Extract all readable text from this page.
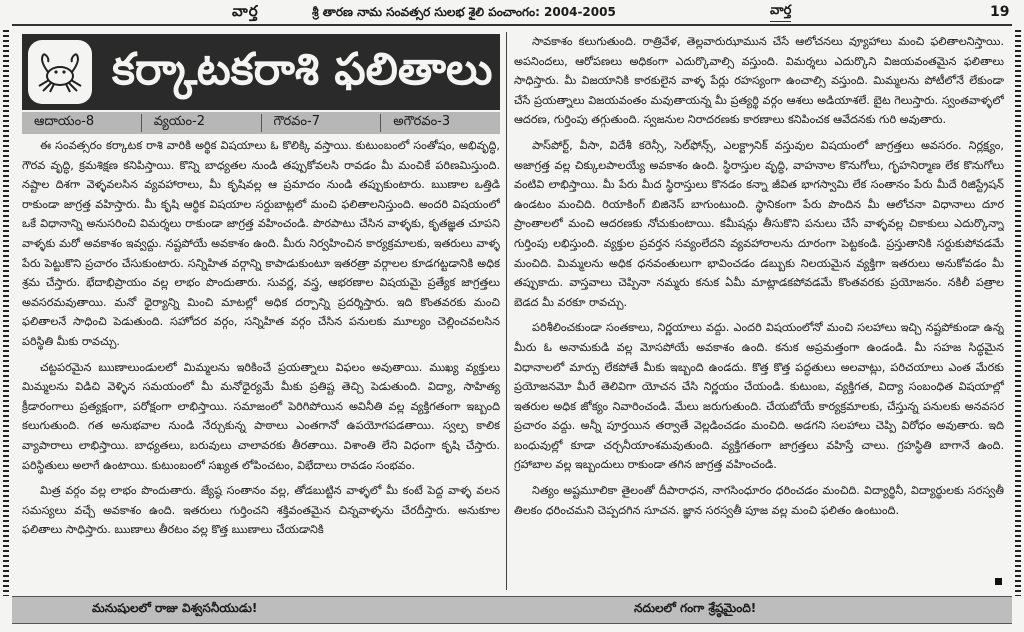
వార్త	శ్రీ తారణ నామ సంవత్సర సులభ శైలి పంచాంగం: 2004-2005	వార్త	19
కర్కాటకరాశి ఫలితాలు
ఆదాయం-8	వ్యయం-2	గౌరవం-7	అగౌరవం-3

ఈ సంవత్సరం కర్కాటక రాశి వారికి అర్థిక విషయాలు ఓ కొలిక్కి వస్తాయి. కుటుంబంలో సంతోషం, అభివృద్ధి, గౌరవ వృద్ధి, క్రమశిక్షణ కనిపిస్తాయి. కొన్ని బాధ్యతల నుండి తప్పుకోవలసి రావడం మీ మంచికే పరిణమిస్తుంది. నష్టాల దిశగా వెళ్ళవలసిన వ్యవహారాలు, మీ కృషివల్ల ఆ ప్రమాదం నుండి తప్పుకుంటారు. ఋణాల ఒత్తిడి రాకుండా జాగ్రత్త వహిస్తారు. మీ కృషి ఆర్థిక విషయాల సర్దుబాట్లలో మంచి ఫలితాలనిస్తుంది. అందరి విషయంలో ఒకే విధానాన్ని అనుసరించి విమర్శలు రాకుండా జాగ్రత్త వహించండి. పొరపాటు చేసిన వాళ్ళకు, కృతజ్ఞత చూపని వాళ్ళకు మరో అవకాశం ఇవ్వద్దు. నష్టపోయే అవకాశం ఉంది. మీరు నిర్వహించిన కార్యక్రమాలకు, ఇతరులు వాళ్ళ పేరు పెట్టుకొని ప్రచారం చేసుకుంటారు. సన్నిహిత వర్గాన్ని కాపాడుకుంటూ ఇతరత్రా వర్గాలల కూడగట్టడానికి అధిక శ్రమ చేస్తారు. భేదాభిప్రాయం వల్ల లాభం పొందుతారు. సువర్ణ, వస్త్ర, ఆభరణాల విషయమై ప్రత్యేక జాగ్రత్తలు అవసరమవుతాయి. మనో ధైర్యాన్ని మించి మాటల్లో అధిక దర్పాన్ని ప్రదర్శిస్తారు. ఇది కొంతవరకు మంచి ఫలితాలనే సాధించి పెడుతుంది. సహోదర వర్గం, సన్నిహిత వర్గం చేసిన పనులకు మూల్యం చెల్లించవలసిన పరిస్థితి మీకు రావచ్చు.

చట్టపరమైన ఋణాలుండులలో మిమ్మలను ఇరికించే ప్రయత్నాలు విఫలం అవుతాయి. ముఖ్య వ్యక్తులు మిమ్మలను విడిచి వెళ్ళిన సమయంలో మీ మనోధైర్యమే మీకు ప్రతిష్ట తెచ్చి పెడుతుంది. విద్యా, సాహిత్య క్రీడారంగాలు ప్రత్యక్షంగా, పరోక్షంగా లాభిస్తాయి. సమాజంలో పెరిగిపోయిన అవినీతి వల్ల వ్యక్తిగతంగా ఇబ్బంది కలుగుతుంది. గత అనుభవాల నుండి నేర్చుకున్న పాఠాలు ఎంతగానో ఉపయోగపడతాయి. స్వల్ప కాలిక వ్యాపారాలు లాభిస్తాయి. బాధ్యతలు, బరువులు చాలావరకు తీరతాయి. విశాంతి లేని విధంగా కృషి చేస్తారు. పరిస్థితులు అలాగే ఉంటాయి. కుటుంబంలో సఖ్యత లోపించటం, విభేదాలు రావడం సంభవం.

మిత్ర వర్గం వల్ల లాభం పొందుతారు. జ్యేష్ఠ సంతానం వల్ల, తోడబుట్టిన వాళ్ళలో మీ కంటే పెద్ద వాళ్ళ వలన సమస్యలు వచ్చే అవకాశం ఉంది. ఇతరులు గుర్తించని శక్తివంతమైన చిన్నవాళ్ళను చేరదీస్తారు. అనుకూల ఫలితాలు సాధిస్తారు. ఋణాలు తీరటం వల్ల కొత్త ఋణాలు చేయడానికి

సావకాశం కలుగుతుంది. రాత్రివేళ, తెల్లవారుఝామున చేసే ఆలోచనలు వ్యూహాలు మంచి ఫలితాలనిస్తాయి. అపనిందలు, ఆరోపణలు అధికంగా ఎదుర్కొవాల్సి వస్తుంది. విమర్శలు ఎదుర్కొని విజయవంతమైన ఫలితాలు సాధిస్తారు. మీ విజయానికి కారకులైన వాళ్ళ పేర్లు రహస్యంగా ఉంచాల్సి వస్తుంది. మిమ్మలను పోటీలోనే లేకుండా చేసే ప్రయత్నాలు విజయవంతం మవుతాయన్న మీ ప్రత్యర్థి వర్గం ఆశలు అడియాశలే. బైట గెలుస్తారు. స్వంతవాళ్ళలో ఆదరణ, గుర్తింపు తగ్గుతుంది. స్వజనుల నిరాదరణకు కారణాలు కనిపించక ఆవేదనకు గురి అవుతారు.

పాస్‌పోర్ట్, వీసా, విదేశీ కరెన్సీ, సెల్‌ఫోన్స్, ఎలక్ట్రానిక్ వస్తువుల విషయంలో జాగ్రత్తలు అవసరం. నిర్లక్ష్యం, అజాగ్రత్త వల్ల చిక్కులపాలయ్యే అవకాశం ఉంది. స్థిరాస్తుల వృద్ధి, వాహనాల కొనుగోలు, గృహనిర్మాణ లేక కొనుగోలు వంటివి లాభిస్తాయి. మీ పేరు మీద స్థిరాస్తులు కొనడం కన్నా జీవిత భాగస్వామి లేక సంతానం పేరు మీదే రిజిస్ట్రేషన్ ఉండటం మంచిది. రియాకింగ్ బిజినెస్ బాగుంటుంది. స్థానికంగా పేరు పొందిన మీ ఆలోచనా విధానాలు దూర ప్రాంతాలలో మంచి ఆదరణకు నోచుకుంటాయి. కమీషన్లు తీసుకొని పనులు చేసే వాళ్ళవల్ల చికాకులు ఎదుర్కొన్నా గుర్తింపు లభిస్తుంది. వ్యక్తుల ప్రవర్తన సవ్యంలేదని వ్యవహారాలను దూరంగా పెట్టకండి. ప్రస్తుతానికి సర్దుకుపోవడమే మంచిది. మిమ్మలను అధిక ధనవంతులుగా భావించడం డబ్బుకు నిలయమైన వ్యక్తిగా ఇతరులు అనుకోవడం మీ తప్పుకాదు. వాస్తవాలు చెప్పినా నమ్మరు కనుక ఏమీ మాట్లాడకపోవడమే కొంతవరకు ప్రయోజనం. నకిలీ పత్రాల బెడద మీ వరకూ రావచ్చు.

పరిశీలించకుండా సంతకాలు, నిర్ణయాలు వద్దు. ఎందరి విషయంలోనో మంచి సలహాలు ఇచ్చి నష్టపోకుండా ఉన్న మీరు ఓ అనామకుడి వల్ల మోసపోయే అవకాశం ఉంది. కనుక అప్రమత్తంగా ఉండండి. మీ సహజ సిద్ధమైన విధానాలలో మార్పు లేకపోతే మీకు ఇబ్బంది ఉండదు. కొత్త కొత్త పద్ధతులు అలవాట్లు, పరిచయాలు ఎంత మేరకు ప్రయోజనమో మీరే తెలివిగా యోచన చేసి నిర్ణయం చేయండి. కుటుంబ, వ్యక్తిగత, విద్యా సంబంధిత విషయాల్లో ఇతరుల అధిక జోక్యం నివారించండి. మేలు జరుగుతుంది. చేయబోయే కార్యక్రమాలకు, చేస్తున్న పనులకు అనవసర ప్రచారం వద్దు. అన్నీ పూర్తయిన తర్వాతే వెల్లడించడం మంచిది. అడగని సలహాలు చెప్పి విరోధం అవుతారు. ఇది బంధువుల్లో కూడా చర్చనీయాంశమవుతుంది. వ్యక్తిగతంగా జాగ్రత్తలు వహిస్తే చాలు. గ్రహస్థితి బాగానే ఉంది. గ్రహాబాల వల్ల ఇబ్బందులు రాకుండా తగిన జాగ్రత్త వహించండి.

నిత్యం అష్టమూలికా తైలంతో దీపారాధన, నాగసింధూరం ధరించడం మంచిది. విద్యార్థినీ, విద్యార్థులకు సరస్వతీ తిలకం ధరించమని చెప్పదగిన సూచన. జ్ఞాన సరస్వతీ పూజ వల్ల మంచి ఫలితం ఉంటుంది.

మనుషులలో రాజు విశ్వసనీయుడు!	నదులలో గంగా శ్రేష్ఠమైంది!
